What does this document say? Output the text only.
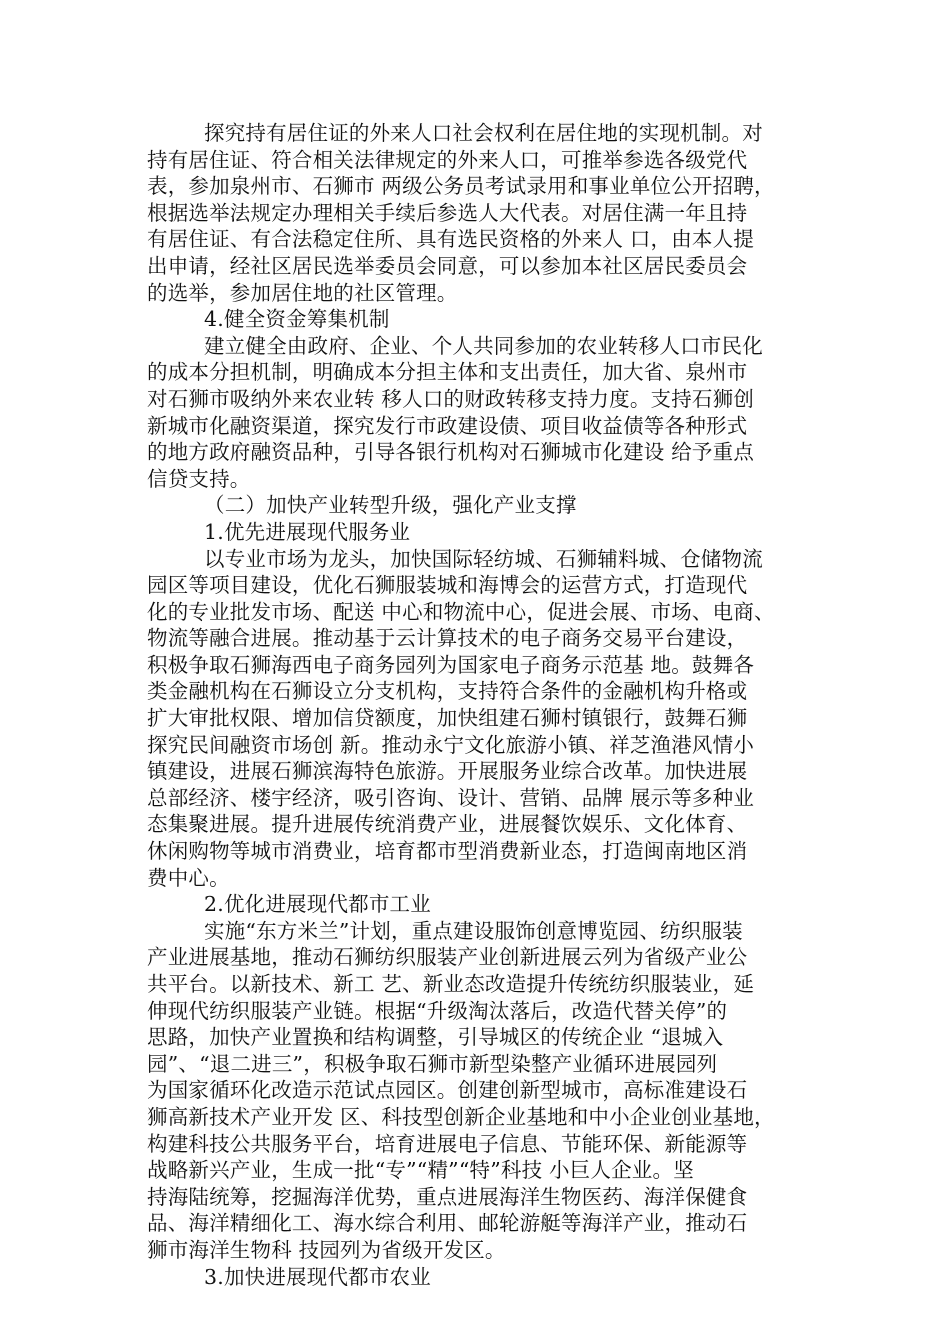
探究持有居住证的外来人口社会权利在居住地的实现机制。对
持有居住证、符合相关法律规定的外来人口，可推举参选各级党代
表，参加泉州市、石狮市 两级公务员考试录用和事业单位公开招聘，
根据选举法规定办理相关手续后参选人大代表。对居住满一年且持
有居住证、有合法稳定住所、具有选民资格的外来人 口，由本人提
出申请，经社区居民选举委员会同意，可以参加本社区居民委员会
的选举，参加居住地的社区管理。
4.健全资金筹集机制
建立健全由政府、企业、个人共同参加的农业转移人口市民化
的成本分担机制，明确成本分担主体和支出责任，加大省、泉州市
对石狮市吸纳外来农业转 移人口的财政转移支持力度。支持石狮创
新城市化融资渠道，探究发行市政建设债、项目收益债等各种形式
的地方政府融资品种，引导各银行机构对石狮城市化建设 给予重点
信贷支持。
（二）加快产业转型升级，强化产业支撑
1.优先进展现代服务业
以专业市场为龙头，加快国际轻纺城、石狮辅料城、仓储物流
园区等项目建设，优化石狮服装城和海博会的运营方式，打造现代
化的专业批发市场、配送 中心和物流中心，促进会展、市场、电商、
物流等融合进展。推动基于云计算技术的电子商务交易平台建设，
积极争取石狮海西电子商务园列为国家电子商务示范基 地。鼓舞各
类金融机构在石狮设立分支机构，支持符合条件的金融机构升格或
扩大审批权限、增加信贷额度，加快组建石狮村镇银行，鼓舞石狮
探究民间融资市场创 新。推动永宁文化旅游小镇、祥芝渔港风情小
镇建设，进展石狮滨海特色旅游。开展服务业综合改革。加快进展
总部经济、楼宇经济，吸引咨询、设计、营销、品牌 展示等多种业
态集聚进展。提升进展传统消费产业，进展餐饮娱乐、文化体育、
休闲购物等城市消费业，培育都市型消费新业态，打造闽南地区消
费中心。
2.优化进展现代都市工业
实施“东方米兰”计划，重点建设服饰创意博览园、纺织服装
产业进展基地，推动石狮纺织服装产业创新进展云列为省级产业公
共平台。以新技术、新工 艺、新业态改造提升传统纺织服装业，延
伸现代纺织服装产业链。根据“升级淘汰落后，改造代替关停”的
思路，加快产业置换和结构调整，引导城区的传统企业 “退城入
园”、“退二进三”，积极争取石狮市新型染整产业循环进展园列
为国家循环化改造示范试点园区。创建创新型城市，高标准建设石
狮高新技术产业开发 区、科技型创新企业基地和中小企业创业基地，
构建科技公共服务平台，培育进展电子信息、节能环保、新能源等
战略新兴产业，生成一批“专”“精”“特”科技 小巨人企业。坚
持海陆统筹，挖掘海洋优势，重点进展海洋生物医药、海洋保健食
品、海洋精细化工、海水综合利用、邮轮游艇等海洋产业，推动石
狮市海洋生物科 技园列为省级开发区。
3.加快进展现代都市农业
